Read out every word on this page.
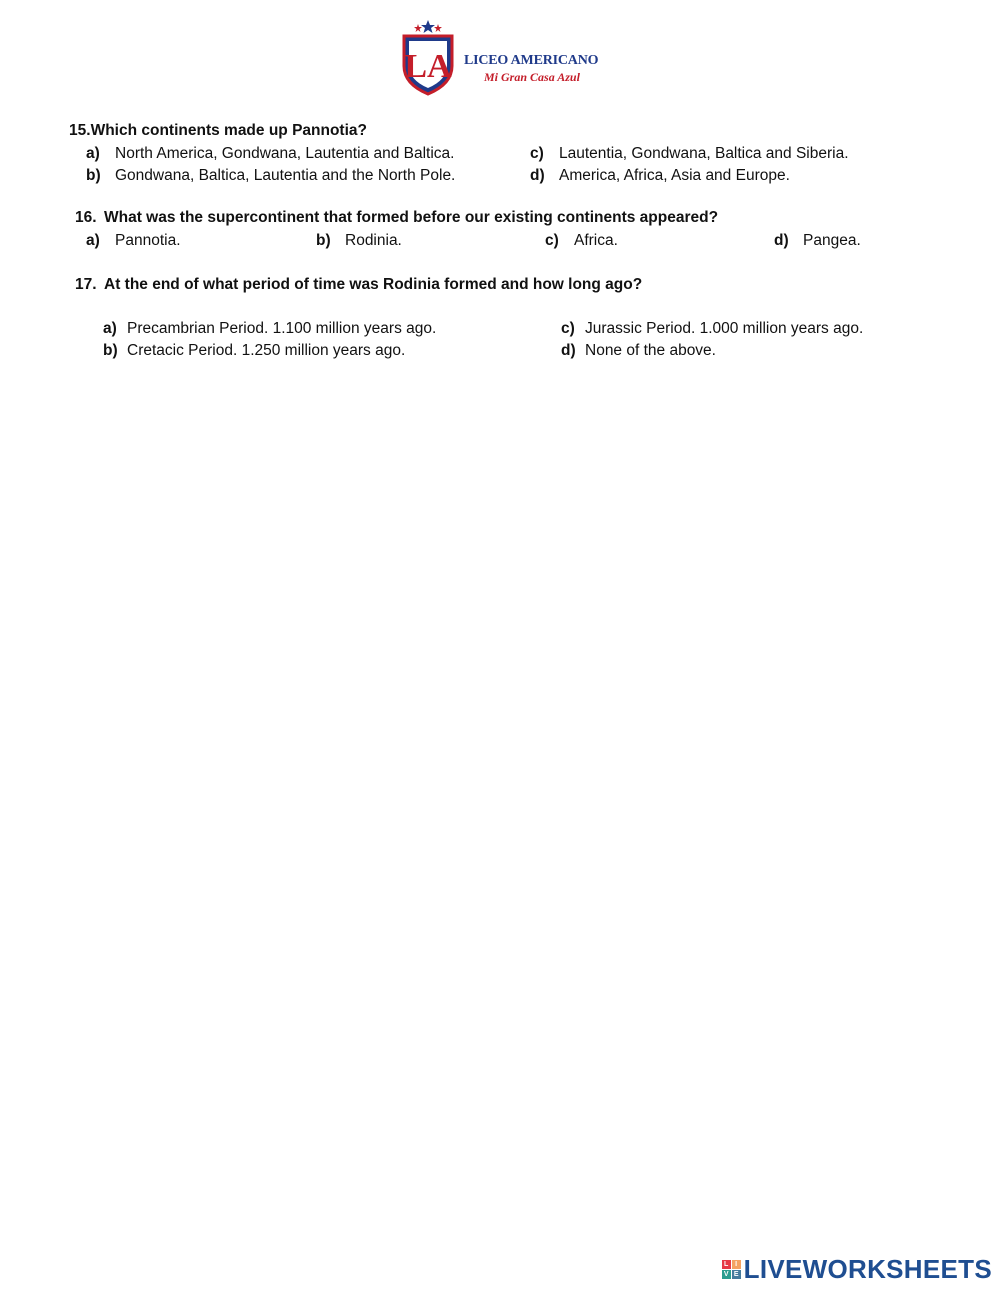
LA LICEO AMERICANO
Mi Gran Casa Azul
15.Which continents made up Pannotia?
a) North America, Gondwana, Lautentia and Baltica.
b) Gondwana, Baltica, Lautentia and the North Pole.
c) Lautentia, Gondwana, Baltica and Siberia.
d) America, Africa, Asia and Europe.
16. What was the supercontinent that formed before our existing continents appeared?
a) Pannotia.	b) Rodinia.	c) Africa.	d) Pangea.
17. At the end of what period of time was Rodinia formed and how long ago?
a) Precambrian Period. 1.100 million years ago.
b) Cretacic Period. 1.250 million years ago.
c) Jurassic Period. 1.000 million years ago.
d) None of the above.
L I
V E LIVEWORKSHEETS
